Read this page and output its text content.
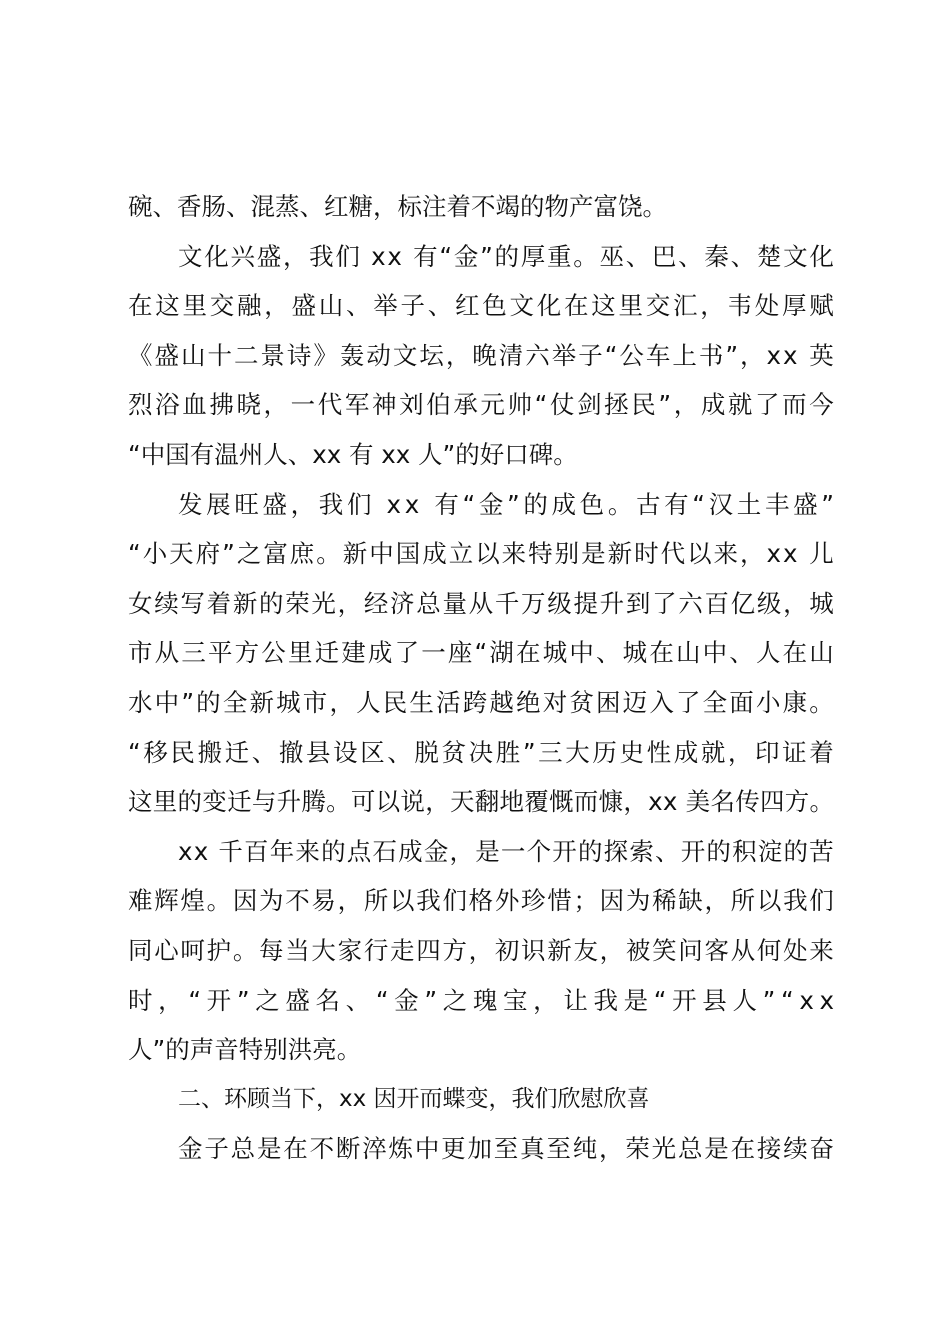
碗、香肠、混蒸、红糖，标注着不竭的物产富饶。
文 化 兴 盛 ， 我 们
x x
有 “ 金 ” 的 厚 重 。 巫 、 巴 、 秦 、 楚 文 化
在 这 里 交 融 ， 盛 山 、 举 子 、 红 色 文 化 在 这 里 交 汇 ， 韦 处 厚 赋
《 盛 山 十 二 景 诗 》 轰 动 文 坛 ， 晚 清 六 举 子 “ 公 车 上 书 ” ， x x
英
烈 浴 血 拂 晓 ， 一 代 军 神 刘 伯 承 元 帅 “ 仗 剑 拯 民 ” ， 成 就 了 而 今
“中国有温州人、xx 有 xx 人”的好口碑。
发 展 旺 盛 ， 我 们
x x
有 “ 金 ” 的 成 色 。 古 有 “ 汉 土 丰 盛 ”
“ 小 天 府 ” 之 富 庶 。 新 中 国 成 立 以 来 特 别 是 新 时 代 以 来 ， x x
儿
女 续 写 着 新 的 荣 光 ， 经 济 总 量 从 千 万 级 提 升 到 了 六 百 亿 级 ， 城
市 从 三 平 方 公 里 迁 建 成 了 一 座 “ 湖 在 城 中 、 城 在 山 中 、 人 在 山
水 中 ” 的 全 新 城 市 ， 人 民 生 活 跨 越 绝 对 贫 困 迈 入 了 全 面 小 康 。
“ 移 民 搬 迁 、 撤 县 设 区 、 脱 贫 决 胜 ” 三 大 历 史 性 成 就 ， 印 证 着
这 里 的 变 迁 与 升 腾 。 可 以 说 ， 天 翻 地 覆 慨 而 慷 ， x x
美 名 传 四 方 。
x x
千 百 年 来 的 点 石 成 金 ， 是 一 个 开 的 探 索 、 开 的 积 淀 的 苦
难 辉 煌 。 因 为 不 易 ， 所 以 我 们 格 外 珍 惜 ； 因 为 稀 缺 ， 所 以 我 们
同 心 呵 护 。 每 当 大 家 行 走 四 方 ， 初 识 新 友 ， 被 笑 问 客 从 何 处 来
时 ， “ 开 ” 之 盛 名 、 “ 金 ” 之 瑰 宝 ， 让 我 是 “ 开 县 人 ” “ x x
人”的声音特别洪亮。
二、环顾当下，xx 因开而蝶变，我们欣慰欣喜
金 子 总 是 在 不 断 淬 炼 中 更 加 至 真 至 纯 ， 荣 光 总 是 在 接 续 奋
